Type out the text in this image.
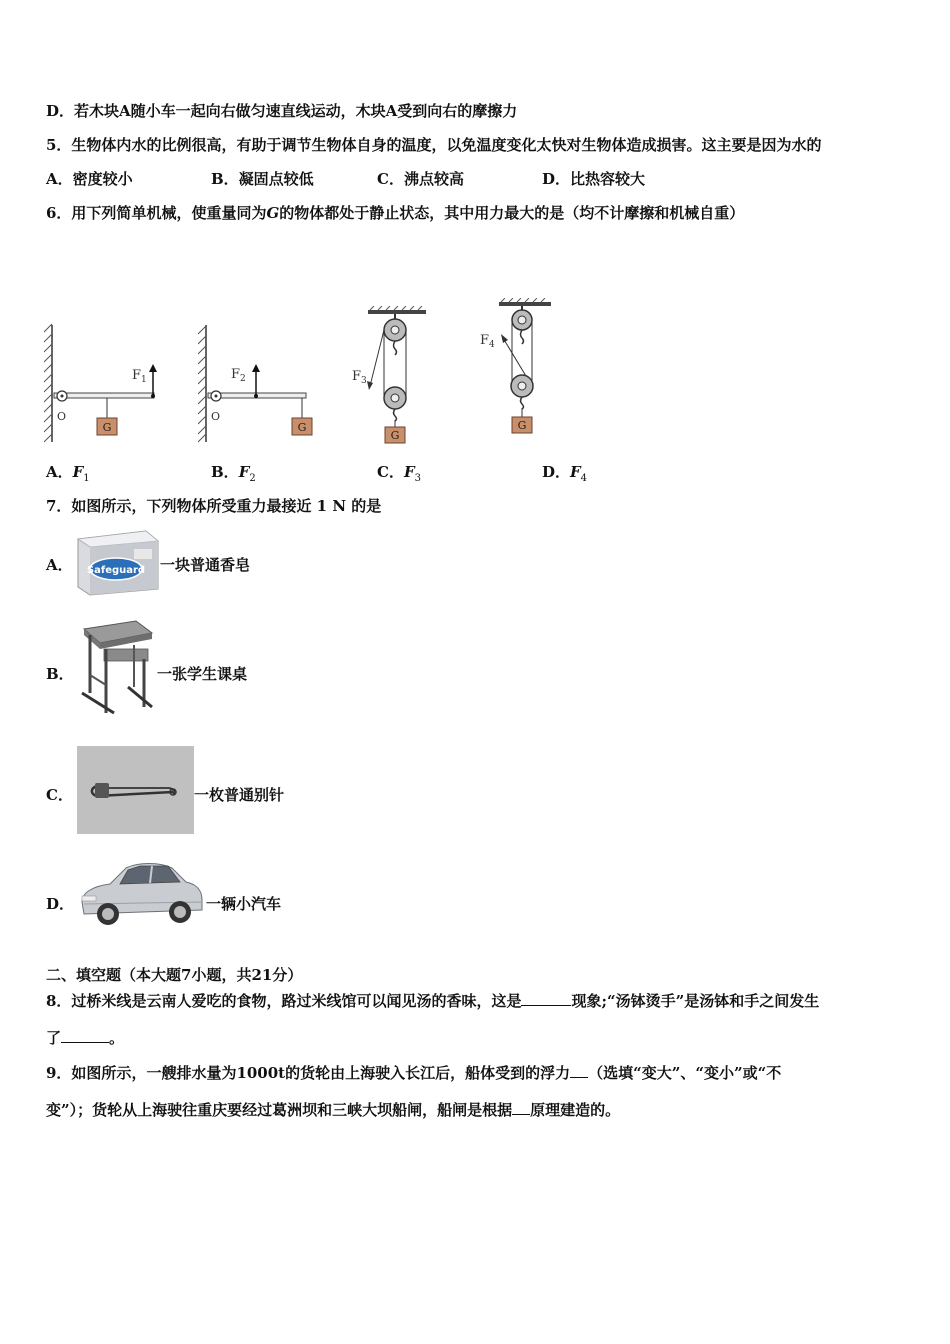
D．若木块A随小车一起向右做匀速直线运动，木块A受到向右的摩擦力
5．生物体内水的比例很高，有助于调节生物体自身的温度，以免温度变化太快对生物体造成损害。这主要是因为水的
A．密度较小	B．凝固点较低	C．沸点较高	D．比热容较大
6．用下列简单机械，使重量同为G的物体都处于静止状态，其中用力最大的是（均不计摩擦和机械自重）
G
O
$F_1$
G
O
$F_2$
G
$F_3$
G
$F_4$
A．$F_1$	B．$F_2$	C．$F_3$	D．$F_4$
7．如图所示，下列物体所受重力最接近 1 N 的是
A． Safeguard 一块普通香皂
B．	一张学生课桌
C．	一枚普通别针
D．	一辆小汽车
二、填空题（本大题7小题，共21分）
8．过桥米线是云南人爱吃的食物，路过米线馆可以闻见汤的香味，这是	现象;“汤钵烫手”是汤钵和手之间发生
了	。
9．如图所示，一艘排水量为1000t的货轮由上海驶入长江后，船体受到的浮力 （选填“变大”、“变小”或“不
变”）；货轮从上海驶往重庆要经过葛洲坝和三峡大坝船闸，船闸是根据 原理建造的。
